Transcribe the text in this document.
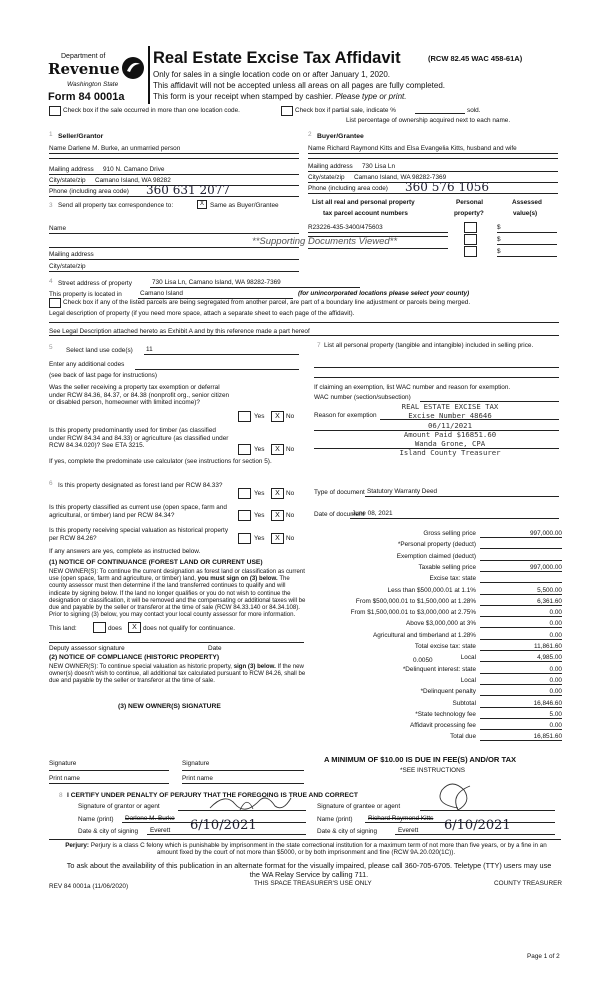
Department of
Revenue
Washington State
Form 84 0001a
Real Estate Excise Tax Affidavit	(RCW 82.45 WAC 458-61A)
Only for sales in a single location code on or after January 1, 2020.
This affidavit will not be accepted unless all areas on all pages are fully completed.
This form is your receipt when stamped by cashier. Please type or print.
Check box if the sale occurred in more than one location code.	Check box if partial sale, indicate %	sold.
List percentage of ownership acquired next to each name.
1 Seller/Grantor
Name Darlene M. Burke, an unmarried person
Mailing address 910 N. Camano Drive
City/state/zip Camano Island, WA 98282
Phone (including area code) 360 631 2077
2 Buyer/Grantee
Name Richard Raymond Kitts and Elsa Evangelia Kitts, husband and wife
Mailing address 730 Lisa Ln
City/state/zip Camano Island, WA 98282-7369
Phone (including area code) 360 576 1056
3 Send all property tax correspondence to:	X Same as Buyer/Grantee
Name
Mailing address
City/state/zip
List all real and personal property
tax parcel account numbers
Personal
property?
Assessed
value(s)
R23226-435-3400/475603	$
$
$
**Supporting Documents Viewed**
4 Street address of property	730 Lisa Ln, Camano Island, WA 98282-7369
This property is located in	Camano Island	(for unincorporated locations please select your county)
Check box if any of the listed parcels are being segregated from another parcel, are part of a boundary line adjustment or parcels being merged.
Legal description of property (if you need more space, attach a separate sheet to each page of the affidavit).
See Legal Description attached hereto as Exhibit A and by this reference made a part hereof
5 Select land use code(s) 11
Enter any additional codes
(see back of last page for instructions)
Was the seller receiving a property tax exemption or deferral under RCW 84.36, 84.37, or 84.38 (nonprofit org., senior citizen or disabled person, homeowner with limited income)?
Yes	X No
Is this property predominantly used for timber (as classified under RCW 84.34 and 84.33) or agriculture (as classified under RCW 84.34.020)? See ETA 3215.
Yes	X No
If yes, complete the predominate use calculator (see instructions for section 5).
6 Is this property designated as forest land per RCW 84.33?
Yes	X No
Is this property classified as current use (open space, farm and agricultural, or timber) land per RCW 84.34?	Yes	X No
Is this property receiving special valuation as historical property per RCW 84.26?	Yes	X No
If any answers are yes, complete as instructed below.
(1) NOTICE OF CONTINUANCE (FOREST LAND OR CURRENT USE)
NEW OWNER(S): To continue the current designation as forest land or classification as current use (open space, farm and agriculture, or timber) land, you must sign on (3) below. The county assessor must then determine if the land transferred continues to qualify and will indicate by signing below. If the land no longer qualifies or you do not wish to continue the designation or classification, it will be removed and the compensating or additional taxes will be due and payable by the seller or transferor at the time of sale (RCW 84.33.140 or 84.34.108). Prior to signing (3) below, you may contact your local county assessor for more information.
This land:	does	X does not qualify for continuance.
Deputy assessor signature	Date
(2) NOTICE OF COMPLIANCE (HISTORIC PROPERTY)
NEW OWNER(S): To continue special valuation as historic property, sign (3) below. If the new owner(s) doesn't wish to continue, all additional tax calculated pursuant to RCW 84.26, shall be due and payable by the seller or transferor at the time of sale.
(3) NEW OWNER(S) SIGNATURE
Signature	Signature
Print name	Print name
7 List all personal property (tangible and intangible) included in selling price.
If claiming an exemption, list WAC number and reason for exemption.
WAC number (section/subsection)
Reason for exemption
REAL ESTATE EXCISE TAX
Excise Number 48646
06/11/2021
Amount Paid $16851.60
Wanda Grone, CPA
Island County Treasurer
Type of document Statutory Warranty Deed
Date of document
June 08, 2021
Gross selling price	997,000.00
*Personal property (deduct)
Exemption claimed (deduct)
Taxable selling price	997,000.00
Excise tax: state
Less than $500,000.01 at 1.1%	5,500.00
From $500,000.01 to $1,500,000 at 1.28%	6,361.60
From $1,500,000.01 to $3,000,000 at 2.75%	0.00
Above $3,000,000 at 3%	0.00
Agricultural and timberland at 1.28%	0.00
Total excise tax: state	11,861.60
Local	4,985.00
*Delinquent interest: state	0.00
Local	0.00
*Delinquent penalty	0.00
Subtotal	16,846.60
*State technology fee	5.00
Affidavit processing fee	0.00
Total due	16,851.60
0.0050
A MINIMUM OF $10.00 IS DUE IN FEE(S) AND/OR TAX
*SEE INSTRUCTIONS
8 I CERTIFY UNDER PENALTY OF PERJURY THAT THE FOREGOING IS TRUE AND CORRECT
Signature of grantor or agent
Name (print) Darlene M. Burke
Date & city of signing Everett 6/10/2021
Signature of grantee or agent
Name (print) Richard Raymond Kitts
Date & city of signing	Everett 6/10/2021
Perjury: Perjury is a class C felony which is punishable by imprisonment in the state correctional institution for a maximum term of not more than five years, or by a fine in an amount fixed by the court of not more than $5000, or by both imprisonment and fine (RCW 9A.20.020(1C)).
To ask about the availability of this publication in an alternate format for the visually impaired, please call 360-705-6705. Teletype (TTY) users may use the WA Relay Service by calling 711.
REV 84 0001a (11/06/2020)	THIS SPACE TREASURER'S USE ONLY	COUNTY TREASURER
Page 1 of 2
